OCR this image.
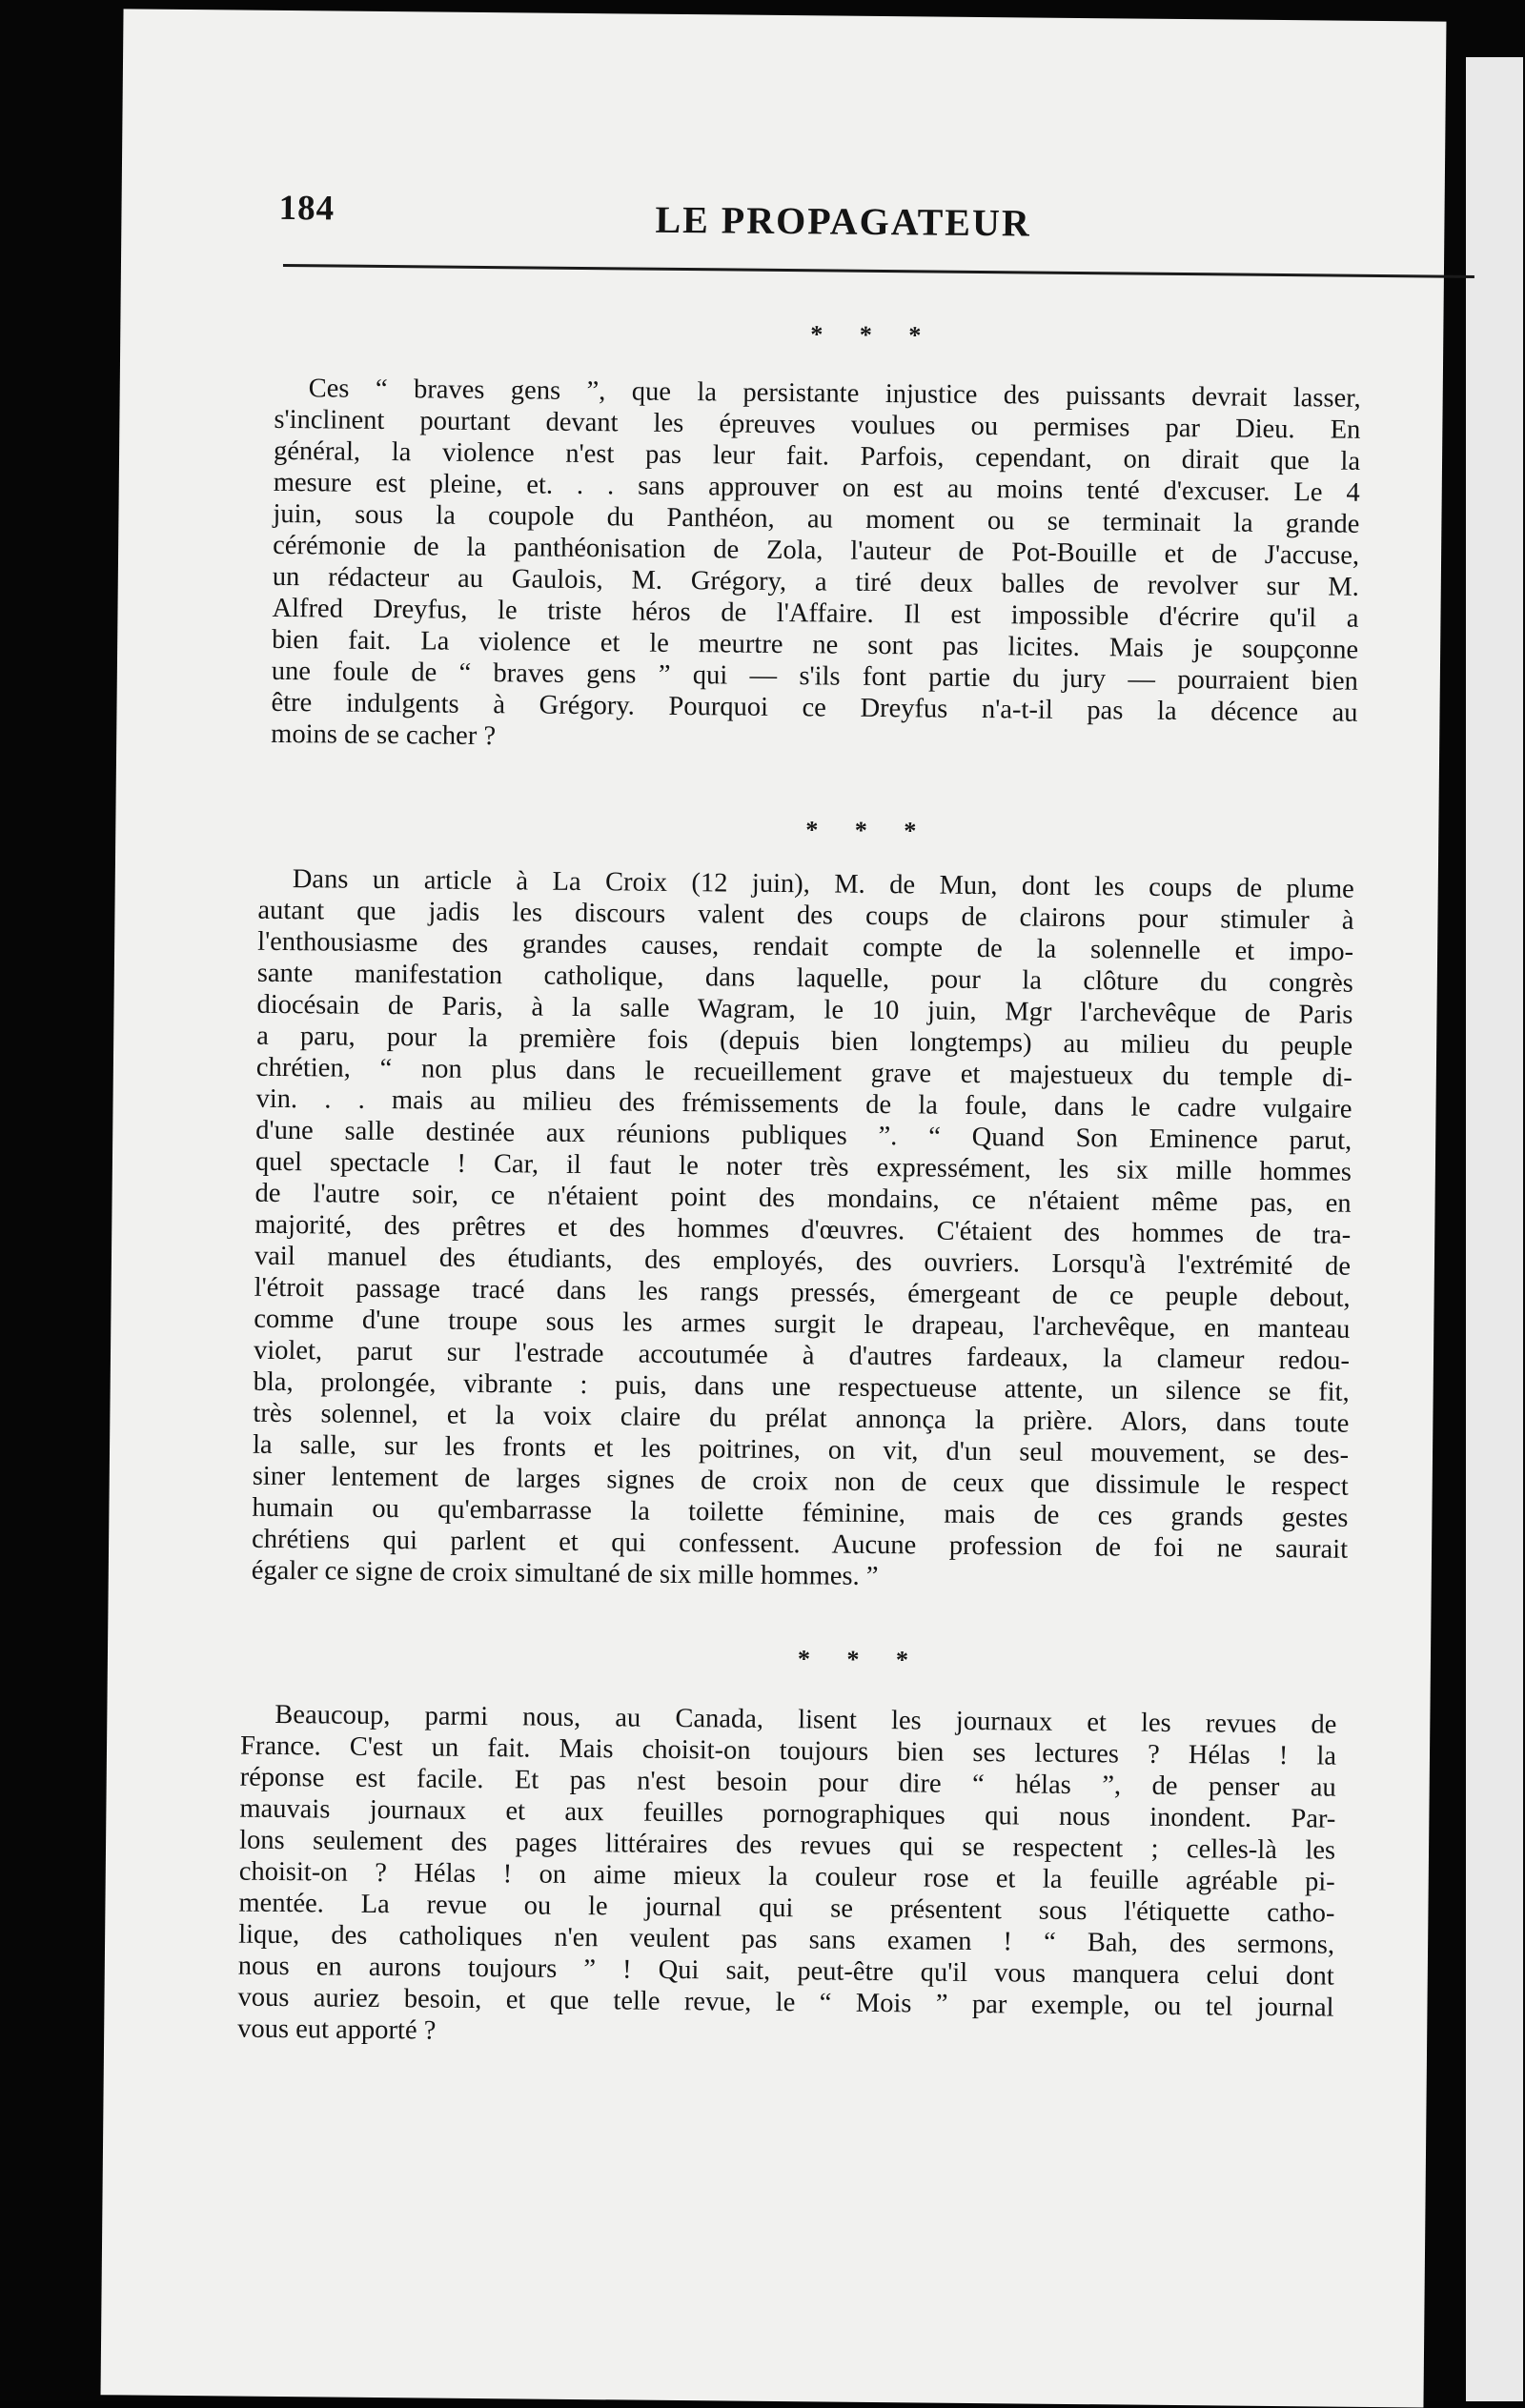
184	LE PROPAGATEUR
* * *
Ces “ braves gens ”, que la persistante injustice des puissants devrait lasser,
s'inclinent pourtant devant les épreuves voulues ou permises par Dieu. En
général, la violence n'est pas leur fait. Parfois, cependant, on dirait que la
mesure est pleine, et. . . sans approuver on est au moins tenté d'excuser. Le 4
juin, sous la coupole du Panthéon, au moment ou se terminait la grande
cérémonie de la panthéonisation de Zola, l'auteur de Pot-Bouille et de J'accuse,
un rédacteur au Gaulois, M. Grégory, a tiré deux balles de revolver sur M.
Alfred Dreyfus, le triste héros de l'Affaire. Il est impossible d'écrire qu'il a
bien fait. La violence et le meurtre ne sont pas licites. Mais je soupçonne
une foule de “ braves gens ” qui — s'ils font partie du jury — pourraient bien
être indulgents à Grégory. Pourquoi ce Dreyfus n'a-t-il pas la décence au
moins de se cacher ?
* * *
Dans un article à La Croix (12 juin), M. de Mun, dont les coups de plume
autant que jadis les discours valent des coups de clairons pour stimuler à
l'enthousiasme des grandes causes, rendait compte de la solennelle et impo-
sante manifestation catholique, dans laquelle, pour la clôture du congrès
diocésain de Paris, à la salle Wagram, le 10 juin, Mgr l'archevêque de Paris
a paru, pour la première fois (depuis bien longtemps) au milieu du peuple
chrétien, “ non plus dans le recueillement grave et majestueux du temple di-
vin. . . mais au milieu des frémissements de la foule, dans le cadre vulgaire
d'une salle destinée aux réunions publiques ”. “ Quand Son Eminence parut,
quel spectacle ! Car, il faut le noter très expressément, les six mille hommes
de l'autre soir, ce n'étaient point des mondains, ce n'étaient même pas, en
majorité, des prêtres et des hommes d'œuvres. C'étaient des hommes de tra-
vail manuel des étudiants, des employés, des ouvriers. Lorsqu'à l'extrémité de
l'étroit passage tracé dans les rangs pressés, émergeant de ce peuple debout,
comme d'une troupe sous les armes surgit le drapeau, l'archevêque, en manteau
violet, parut sur l'estrade accoutumée à d'autres fardeaux, la clameur redou-
bla, prolongée, vibrante : puis, dans une respectueuse attente, un silence se fit,
très solennel, et la voix claire du prélat annonça la prière. Alors, dans toute
la salle, sur les fronts et les poitrines, on vit, d'un seul mouvement, se des-
siner lentement de larges signes de croix non de ceux que dissimule le respect
humain ou qu'embarrasse la toilette féminine, mais de ces grands gestes
chrétiens qui parlent et qui confessent. Aucune profession de foi ne saurait
égaler ce signe de croix simultané de six mille hommes. ”
* * *
Beaucoup, parmi nous, au Canada, lisent les journaux et les revues de
France. C'est un fait. Mais choisit-on toujours bien ses lectures ? Hélas ! la
réponse est facile. Et pas n'est besoin pour dire “ hélas ”, de penser au
mauvais journaux et aux feuilles pornographiques qui nous inondent. Par-
lons seulement des pages littéraires des revues qui se respectent ; celles-là les
choisit-on ? Hélas ! on aime mieux la couleur rose et la feuille agréable pi-
mentée. La revue ou le journal qui se présentent sous l'étiquette catho-
lique, des catholiques n'en veulent pas sans examen ! “ Bah, des sermons,
nous en aurons toujours ” ! Qui sait, peut-être qu'il vous manquera celui dont
vous auriez besoin, et que telle revue, le “ Mois ” par exemple, ou tel journal
vous eut apporté ?
